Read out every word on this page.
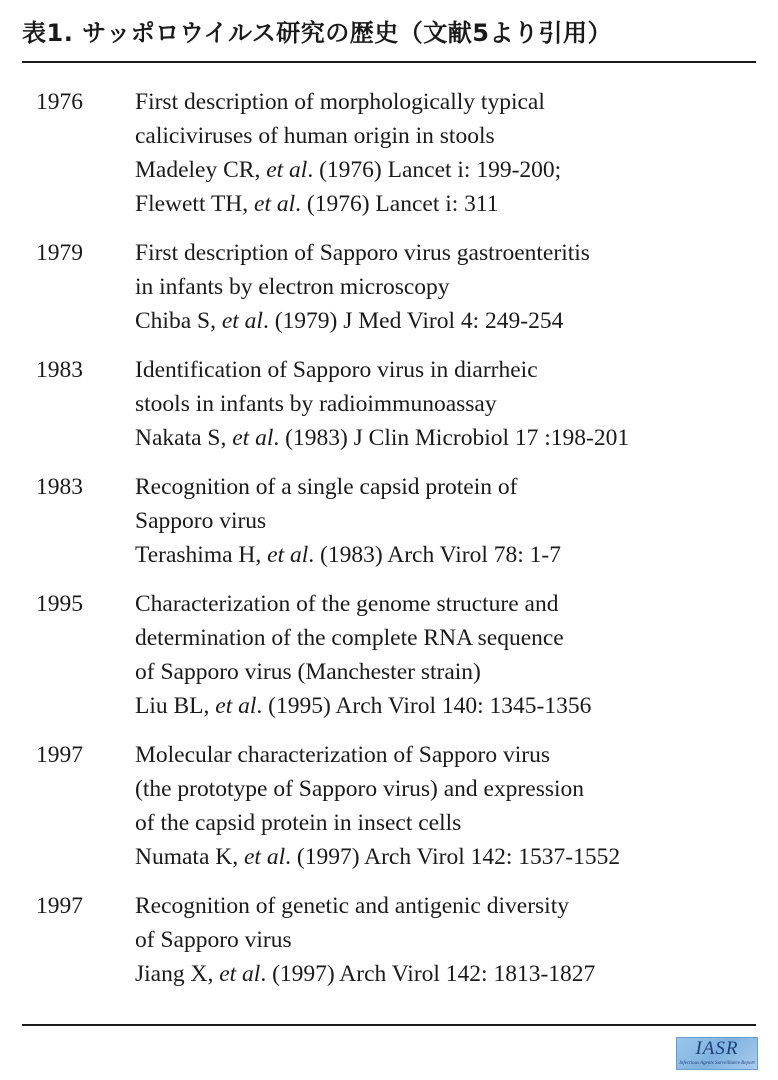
表1. サッポロウイルス研究の歴史（文献5より引用）
1976 First description of morphologically typical
caliciviruses of human origin in stools
Madeley CR, et al. (1976) Lancet i: 199-200;
Flewett TH, et al. (1976) Lancet i: 311
1979 First description of Sapporo virus gastroenteritis
in infants by electron microscopy
Chiba S, et al. (1979) J Med Virol 4: 249-254
1983 Identification of Sapporo virus in diarrheic
stools in infants by radioimmunoassay
Nakata S, et al. (1983) J Clin Microbiol 17 :198-201
1983 Recognition of a single capsid protein of
Sapporo virus
Terashima H, et al. (1983) Arch Virol 78: 1-7
1995 Characterization of the genome structure and
determination of the complete RNA sequence
of Sapporo virus (Manchester strain)
Liu BL, et al. (1995) Arch Virol 140: 1345-1356
1997 Molecular characterization of Sapporo virus
(the prototype of Sapporo virus) and expression
of the capsid protein in insect cells
Numata K, et al. (1997) Arch Virol 142: 1537-1552
1997 Recognition of genetic and antigenic diversity
of Sapporo virus
Jiang X, et al. (1997) Arch Virol 142: 1813-1827
IASR
Infectious Agents Surveillance Report
